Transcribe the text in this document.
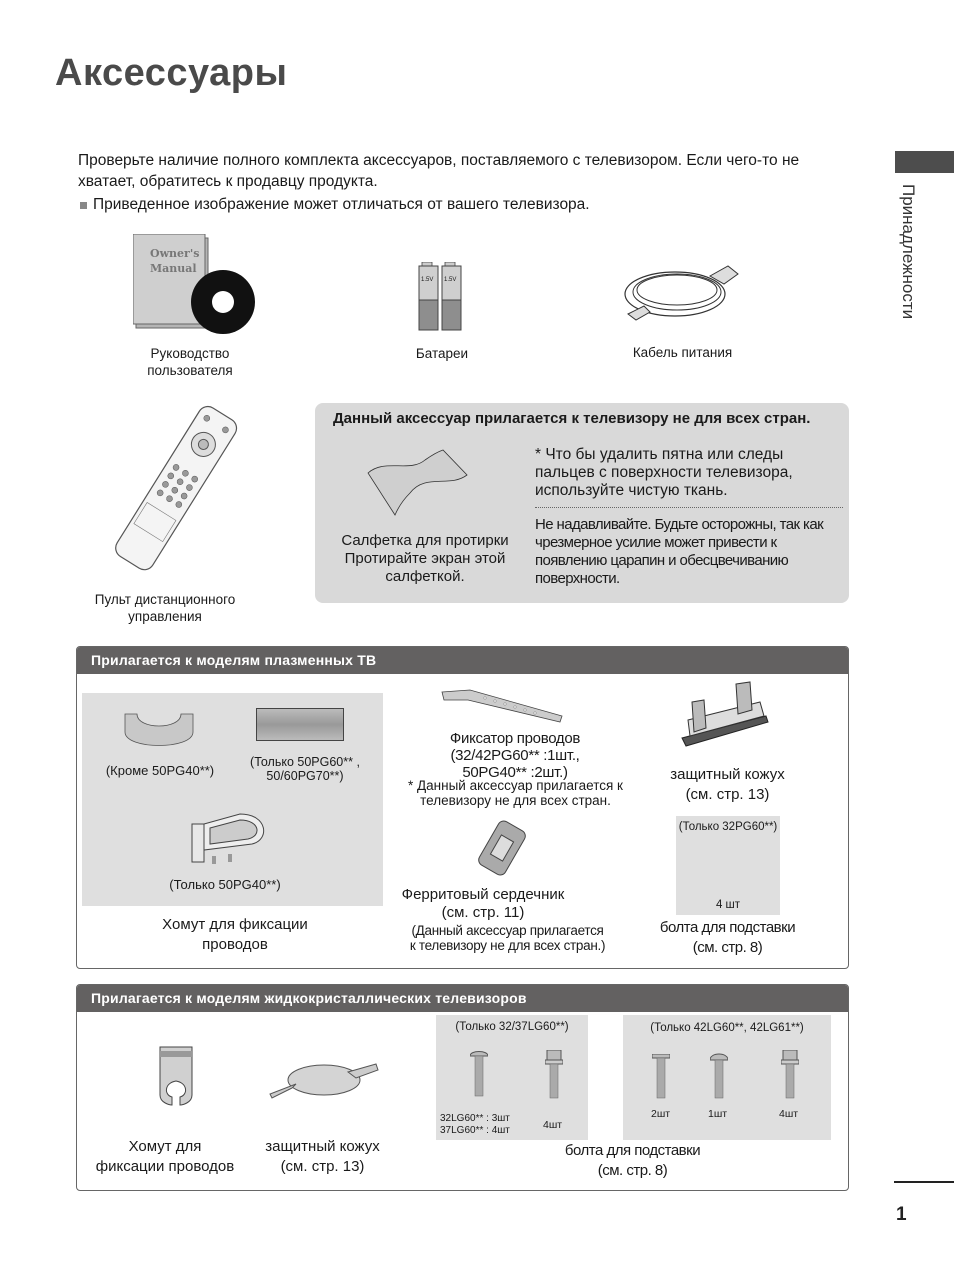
Аксессуары
Проверьте наличие полного комплекта аксессуаров, поставляемого с телевизором. Если чего-то не хватает, обратитесь к продавцу продукта.
Приведенное изображение может отличаться от вашего телевизора.	Принадлежности
Owner's
Manual
Руководство
пользователя
1.5V 1.5V
Батареи	Кабель питания
Пульт дистанционного
управления
Данный аксессуар прилагается к телевизору не для всех стран.
Салфетка для протирки
Протирайте экран этой
салфеткой.
* Что бы удалить пятна или следы пальцев с поверхности телевизора, используйте чистую ткань.
Не надавливайте. Будьте осторожны, так как чрезмерное усилие может привести к появлению царапин и обесцвечиванию поверхности.
Прилагается к моделям плазменных ТВ
(Кроме 50PG40**)
(Только 50PG60** ,
50/60PG70**)
(Только 50PG40**)
Хомут для фиксации
проводов
Фиксатор проводов
(32/42PG60** :1шт.,
50PG40** :2шт.)
* Данный аксессуар прилагается к
телевизору не для всех стран.
Ферритовый сердечник
(см. стр. 11)
(Данный аксессуар прилагается
к телевизору не для всех стран.)
защитный кожух
(см. стр. 13)
(Только 32PG60**)
4 шт
болта для подставки
(см. стр. 8)
Прилагается к моделям жидкокристаллических телевизоров
Хомут для
фиксации проводов
защитный кожух
(см. стр. 13)
(Только 32/37LG60**)
32LG60** : 3шт
37LG60** : 4шт	4шт
(Только 42LG60**, 42LG61**)
2шт	1шт	4шт
болта для подставки
(см. стр. 8)
1
